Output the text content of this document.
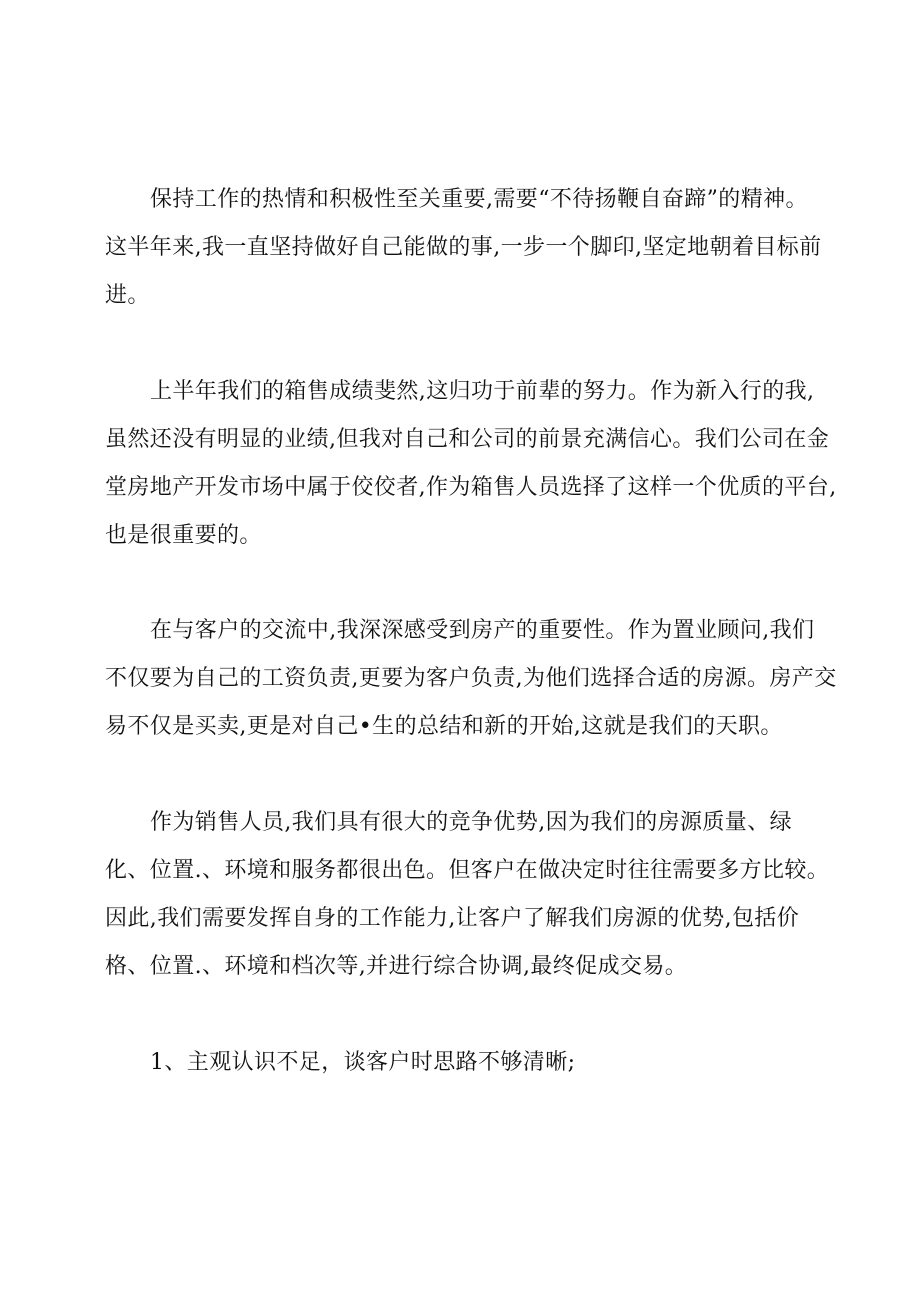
保持工作的热情和积极性至关重要,需要“不待扬鞭自奋蹄”的精神。
这半年来,我一直坚持做好自己能做的事,一步一个脚印,坚定地朝着目标前
进。
上半年我们的箱售成绩斐然,这归功于前辈的努力。作为新入行的我,
虽然还没有明显的业绩,但我对自己和公司的前景充满信心。我们公司在金
堂房地产开发市场中属于佼佼者,作为箱售人员选择了这样一个优质的平台,
也是很重要的。
在与客户的交流中,我深深感受到房产的重要性。作为置业顾问,我们
不仅要为自己的工资负责,更要为客户负责,为他们选择合适的房源。房产交
易不仅是买卖,更是对自己•生的总结和新的开始,这就是我们的天职。
作为销售人员,我们具有很大的竞争优势,因为我们的房源质量、绿
化、位置.、环境和服务都很出色。但客户在做决定时往往需要多方比较。
因此,我们需要发挥自身的工作能力,让客户了解我们房源的优势,包括价
格、位置.、环境和档次等,并进行综合协调,最终促成交易。
1、主观认识不足，谈客户时思路不够清晰;
